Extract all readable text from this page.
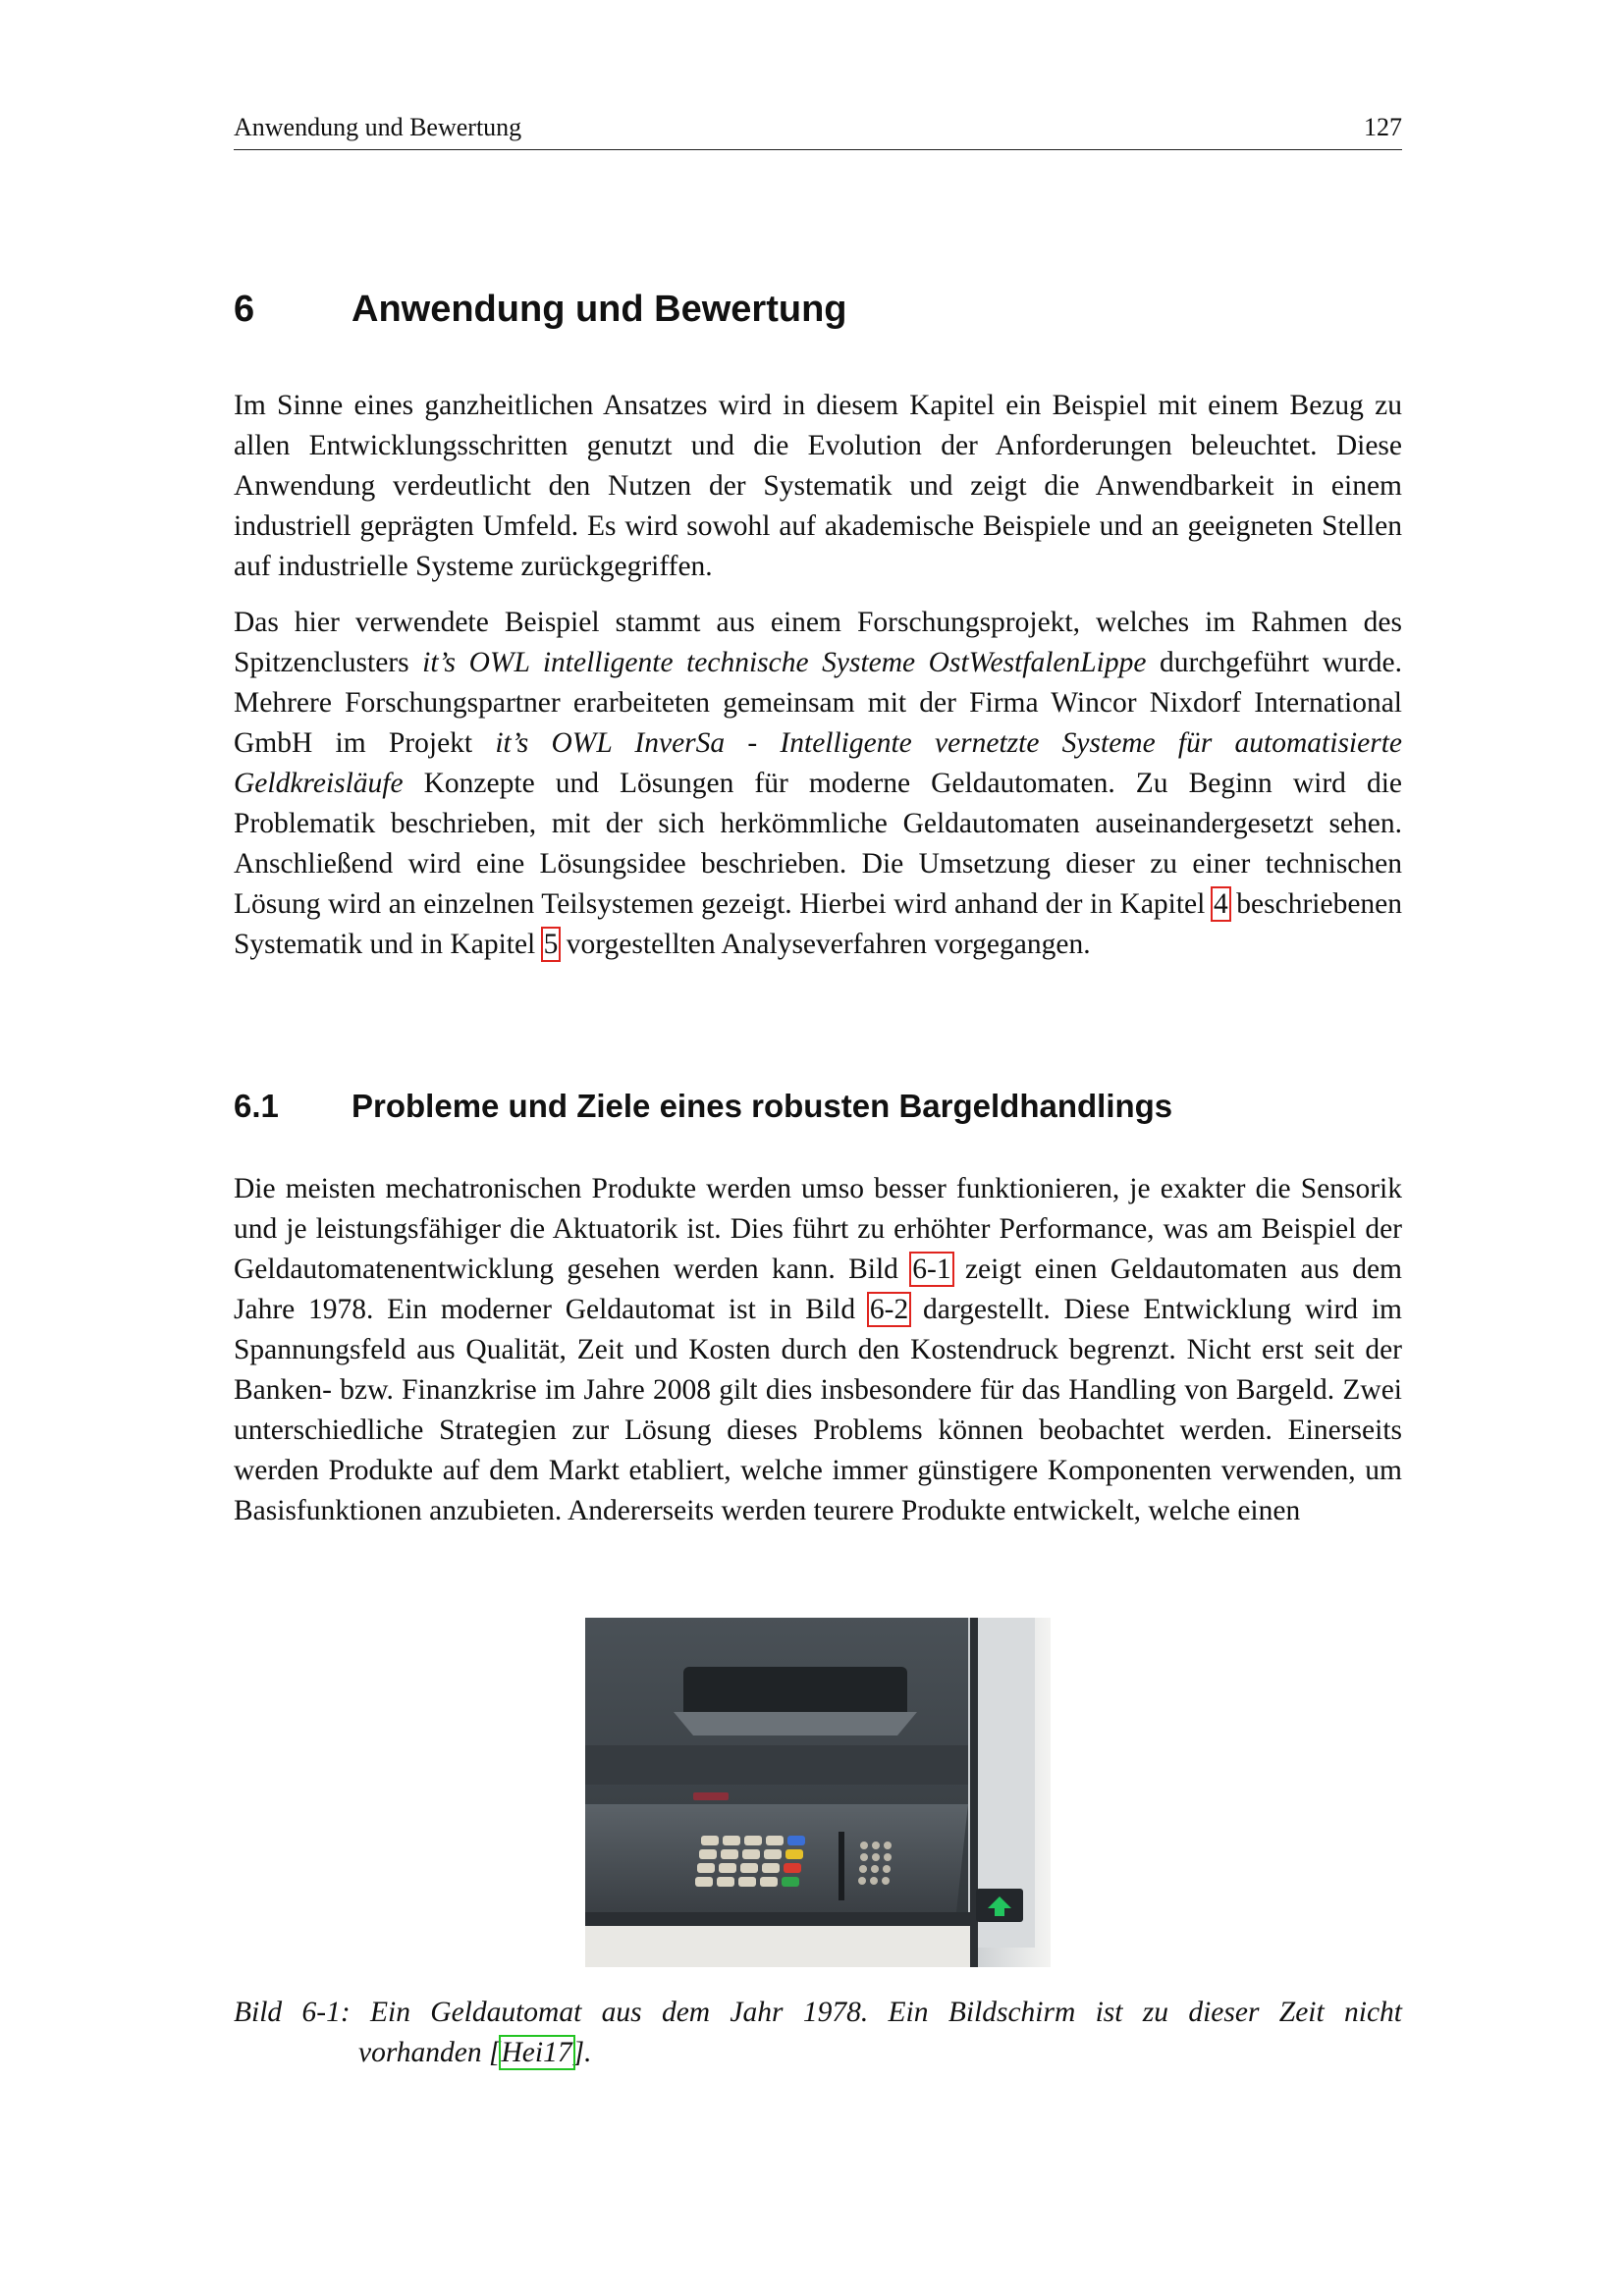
Anwendung und Bewertung	127
6	Anwendung und Bewertung

Im Sinne eines ganzheitlichen Ansatzes wird in diesem Kapitel ein Beispiel mit einem Bezug zu allen Entwicklungsschritten genutzt und die Evolution der Anforderungen beleuchtet. Diese Anwendung verdeutlicht den Nutzen der Systematik und zeigt die Anwendbarkeit in einem industriell geprägten Umfeld. Es wird sowohl auf akademische Beispiele und an geeigneten Stellen auf industrielle Systeme zurückgegriffen.

Das hier verwendete Beispiel stammt aus einem Forschungsprojekt, welches im Rahmen des Spitzenclusters it’s OWL intelligente technische Systeme OstWestfalenLippe durchgeführt wurde. Mehrere Forschungspartner erarbeiteten gemeinsam mit der Firma Wincor Nixdorf International GmbH im Projekt it’s OWL InverSa - Intelligente vernetzte Systeme für automatisierte Geldkreisläufe Konzepte und Lösungen für moderne Geldautomaten. Zu Beginn wird die Problematik beschrieben, mit der sich herkömmliche Geldautomaten auseinandergesetzt sehen. Anschließend wird eine Lösungsidee beschrieben. Die Umsetzung dieser zu einer technischen Lösung wird an einzelnen Teilsystemen gezeigt. Hierbei wird anhand der in Kapitel 4 beschriebenen Systematik und in Kapitel 5 vorgestellten Analyseverfahren vorgegangen.

6.1 Probleme und Ziele eines robusten Bargeldhandlings

Die meisten mechatronischen Produkte werden umso besser funktionieren, je exakter die Sensorik und je leistungsfähiger die Aktuatorik ist. Dies führt zu erhöhter Performance, was am Beispiel der Geldautomatenentwicklung gesehen werden kann. Bild 6-1 zeigt einen Geldautomaten aus dem Jahre 1978. Ein moderner Geldautomat ist in Bild 6-2 dargestellt. Diese Entwicklung wird im Spannungsfeld aus Qualität, Zeit und Kosten durch den Kostendruck begrenzt. Nicht erst seit der Banken- bzw. Finanzkrise im Jahre 2008 gilt dies insbesondere für das Handling von Bargeld. Zwei unterschiedliche Strategien zur Lösung dieses Problems können beobachtet werden. Einerseits werden Produkte auf dem Markt etabliert, welche immer günstigere Komponenten verwenden, um Basisfunktionen anzubieten. Andererseits werden teurere Produkte entwickelt, welche einen

Bild 6-1: Ein Geldautomat aus dem Jahr 1978. Ein Bildschirm ist zu dieser Zeit nicht
vorhanden [Hei17].
